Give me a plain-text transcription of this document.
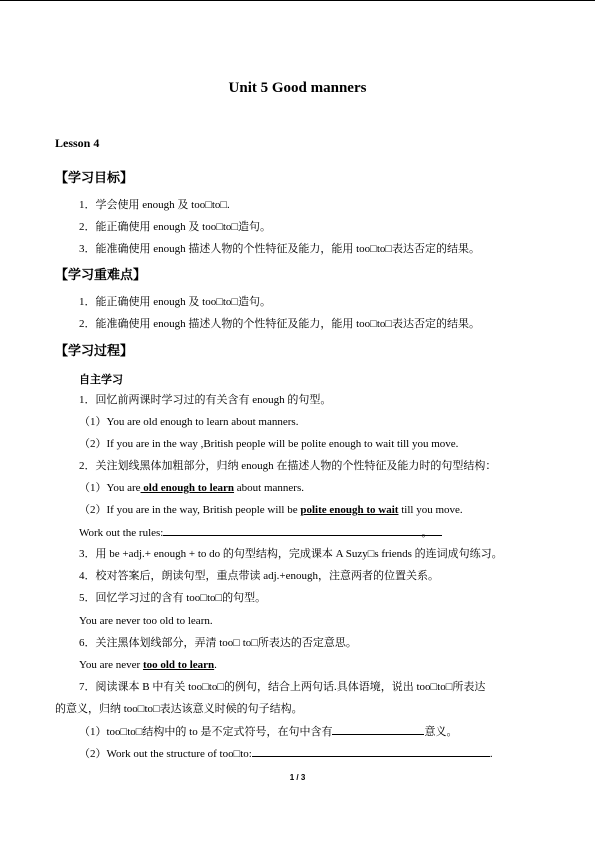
Unit 5 Good manners
Lesson 4
【学习目标】
1．学会使用 enough 及 too□to□.
2．能正确使用 enough 及 too□to□造句。
3．能准确使用 enough 描述人物的个性特征及能力，能用 too□to□表达否定的结果。
【学习重难点】
1．能正确使用 enough 及 too□to□造句。
2．能准确使用 enough 描述人物的个性特征及能力，能用 too□to□表达否定的结果。
【学习过程】
自主学习
1．回忆前两课时学习过的有关含有 enough 的句型。
（1）You are old enough to learn about manners.
（2）If you are in the way ,British people will be polite enough to wait till you move.
2．关注划线黑体加粗部分，归纳 enough 在描述人物的个性特征及能力时的句型结构：
（1）You are old enough to learn about manners.
（2）If you are in the way, British people will be polite enough to wait till you move.
Work out the rules:	。
3．用 be +adj.+ enough + to do 的句型结构，完成课本 A Suzy□s friends 的连词成句练习。
4．校对答案后，朗读句型，重点带读 adj.+enough，注意两者的位置关系。
5．回忆学习过的含有 too□to□的句型。
You are never too old to learn.
6．关注黑体划线部分，弄清 too□ to□所表达的否定意思。
You are never too old to learn.
7．阅读课本 B 中有关 too□to□的例句，结合上两句话.具体语境，说出 too□to□所表达
的意义，归纳 too□to□表达该意义时候的句子结构。
（1）too□to□结构中的 to 是不定式符号，在句中含有	意义。
（2）Work out the structure of too□to:	.
1 / 3
